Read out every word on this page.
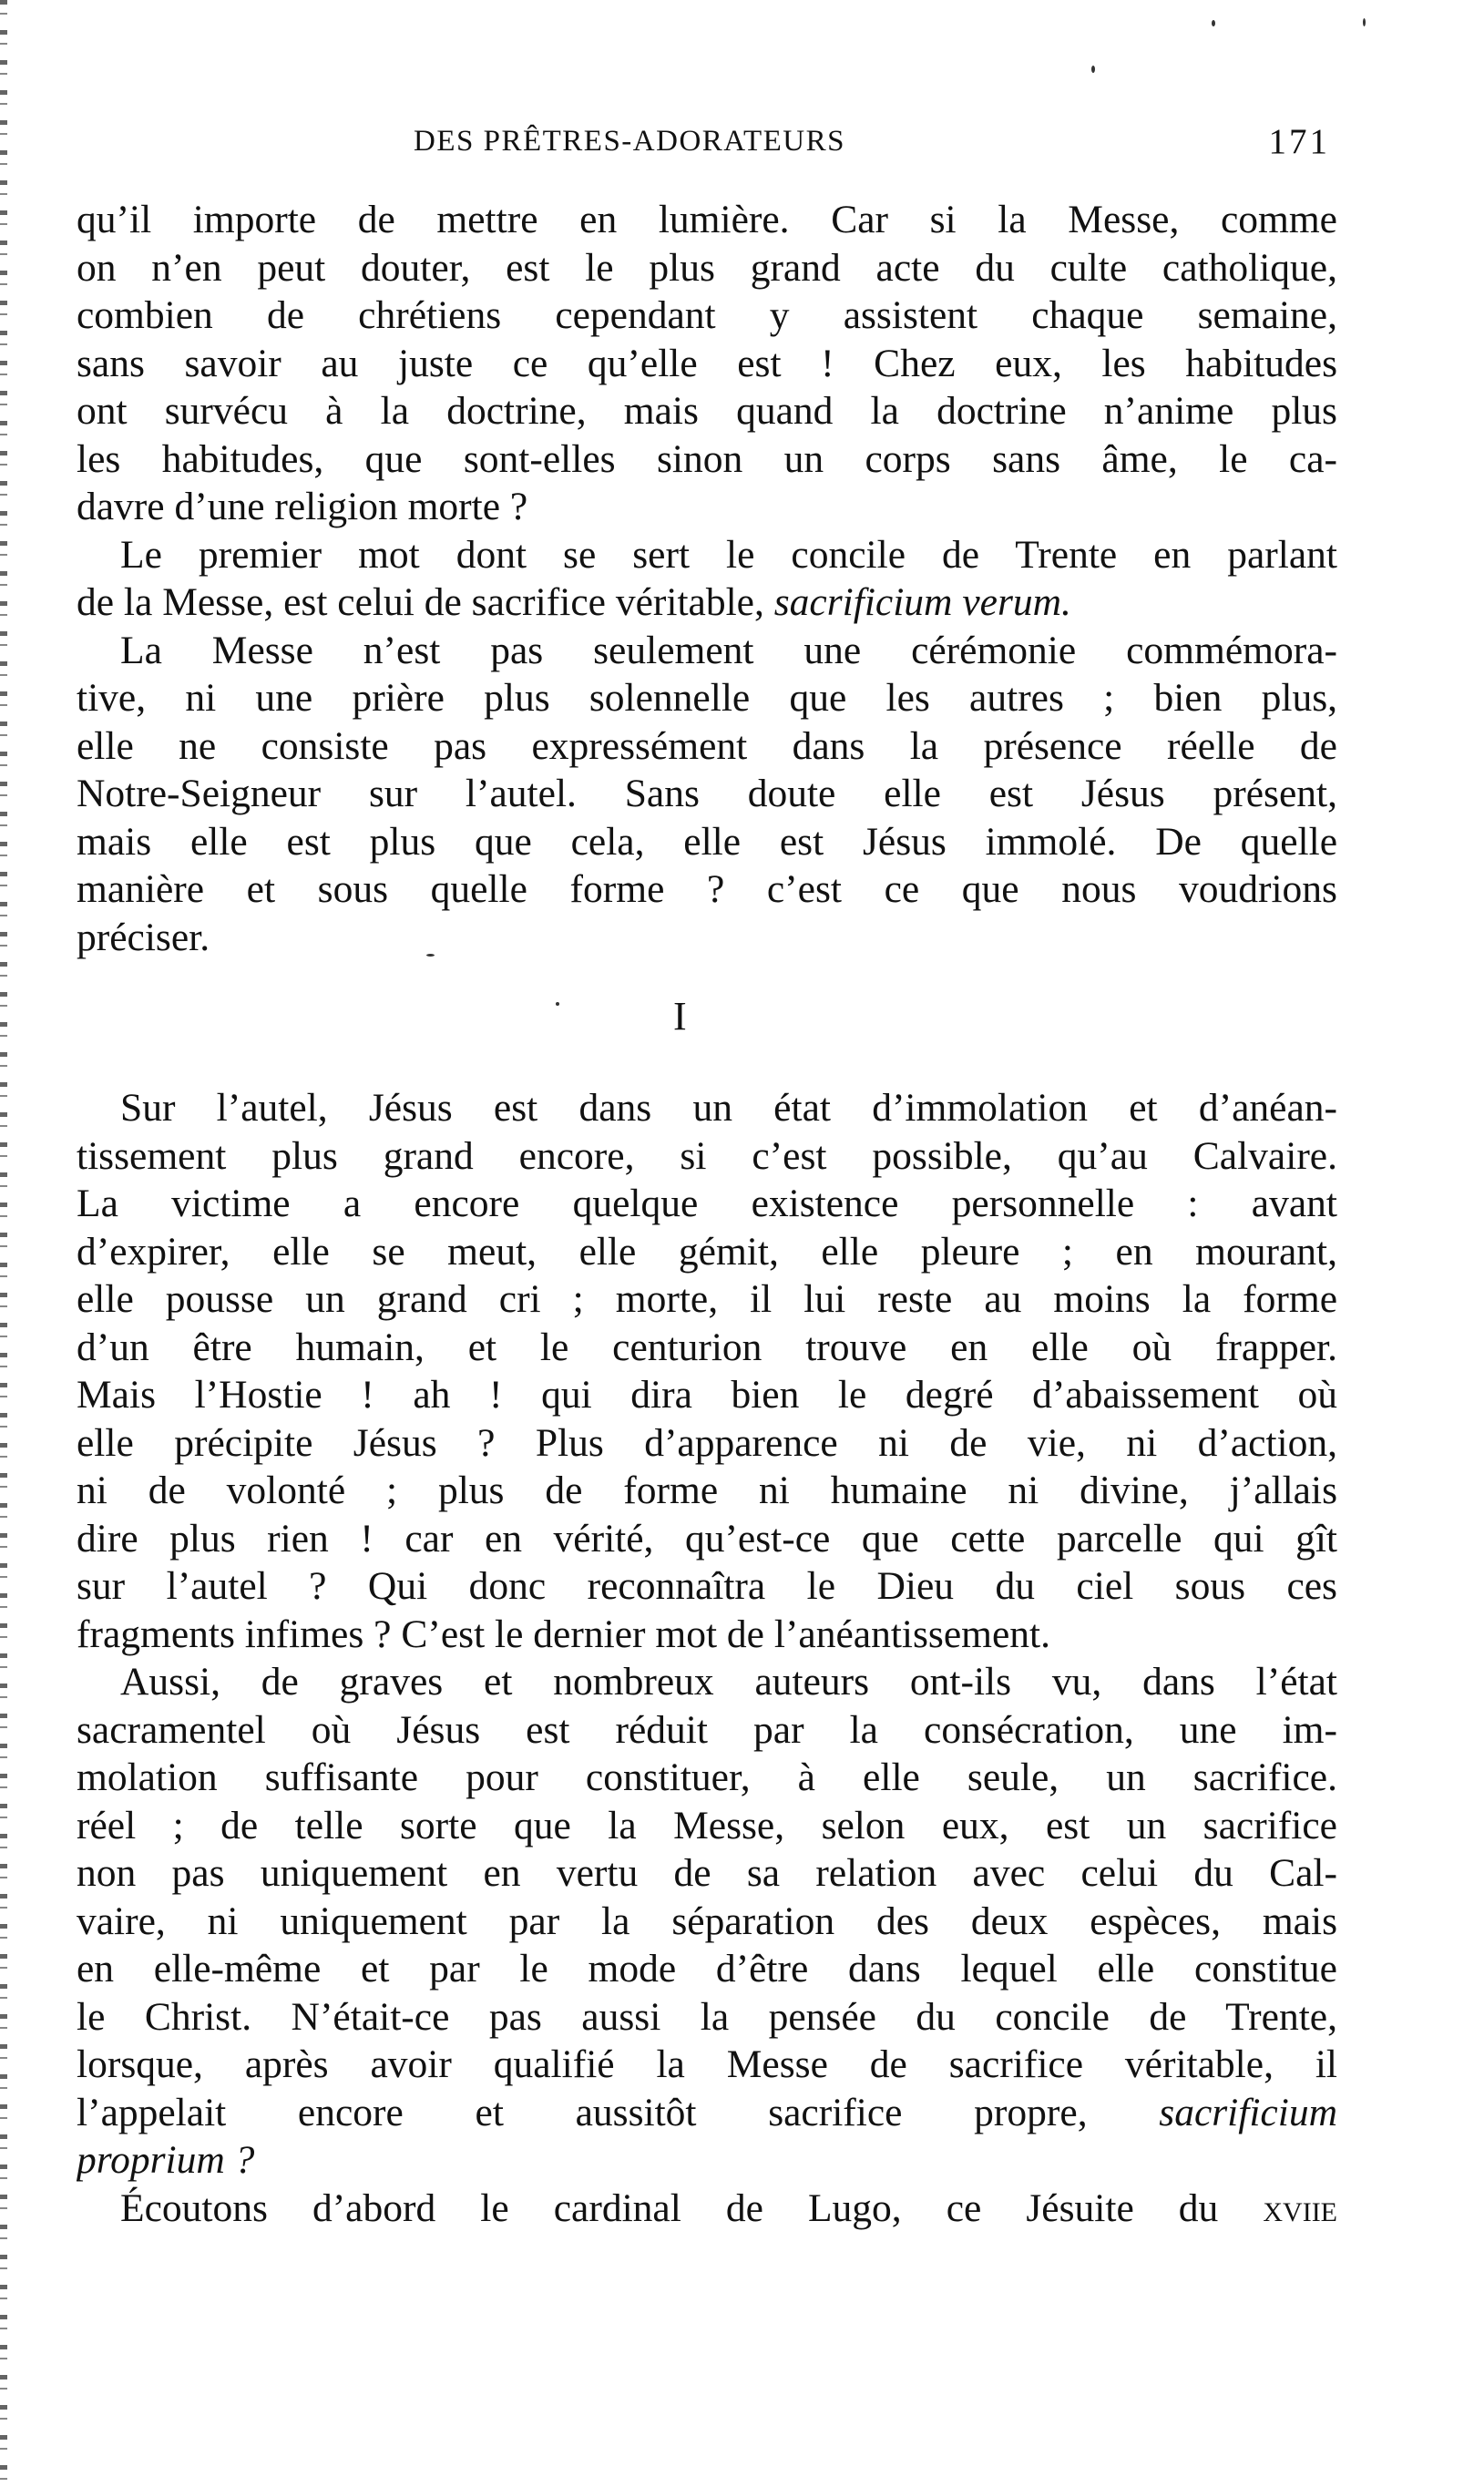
DES PRÊTRES-ADORATEURS	171
qu’il importe de mettre en lumière. Car si la Messe, comme
on n’en peut douter, est le plus grand acte du culte catholique,
combien de chrétiens cependant y assistent chaque semaine,
sans savoir au juste ce qu’elle est ! Chez eux, les habitudes
ont survécu à la doctrine, mais quand la doctrine n’anime plus
les habitudes, que sont-elles sinon un corps sans âme, le ca-
davre d’une religion morte ?
Le premier mot dont se sert le concile de Trente en parlant
de la Messe, est celui de sacrifice véritable, sacrificium verum.
La Messe n’est pas seulement une cérémonie commémora-
tive, ni une prière plus solennelle que les autres ; bien plus,
elle ne consiste pas expressément dans la présence réelle de
Notre-Seigneur sur l’autel. Sans doute elle est Jésus présent,
mais elle est plus que cela, elle est Jésus immolé. De quelle
manière et sous quelle forme ? c’est ce que nous voudrions
préciser.
I
Sur l’autel, Jésus est dans un état d’immolation et d’anéan-
tissement plus grand encore, si c’est possible, qu’au Calvaire.
La victime a encore quelque existence personnelle : avant
d’expirer, elle se meut, elle gémit, elle pleure ; en mourant,
elle pousse un grand cri ; morte, il lui reste au moins la forme
d’un être humain, et le centurion trouve en elle où frapper.
Mais l’Hostie ! ah ! qui dira bien le degré d’abaissement où
elle précipite Jésus ? Plus d’apparence ni de vie, ni d’action,
ni de volonté ; plus de forme ni humaine ni divine, j’allais
dire plus rien ! car en vérité, qu’est-ce que cette parcelle qui gît
sur l’autel ? Qui donc reconnaîtra le Dieu du ciel sous ces
fragments infimes ? C’est le dernier mot de l’anéantissement.
Aussi, de graves et nombreux auteurs ont-ils vu, dans l’état
sacramentel où Jésus est réduit par la consécration, une im-
molation suffisante pour constituer, à elle seule, un sacrifice.
réel ; de telle sorte que la Messe, selon eux, est un sacrifice
non pas uniquement en vertu de sa relation avec celui du Cal-
vaire, ni uniquement par la séparation des deux espèces, mais
en elle-même et par le mode d’être dans lequel elle constitue
le Christ. N’était-ce pas aussi la pensée du concile de Trente,
lorsque, après avoir qualifié la Messe de sacrifice véritable, il
l’appelait encore et aussitôt sacrifice propre, sacrificium
proprium ?
Écoutons d’abord le cardinal de Lugo, ce Jésuite du xviie
